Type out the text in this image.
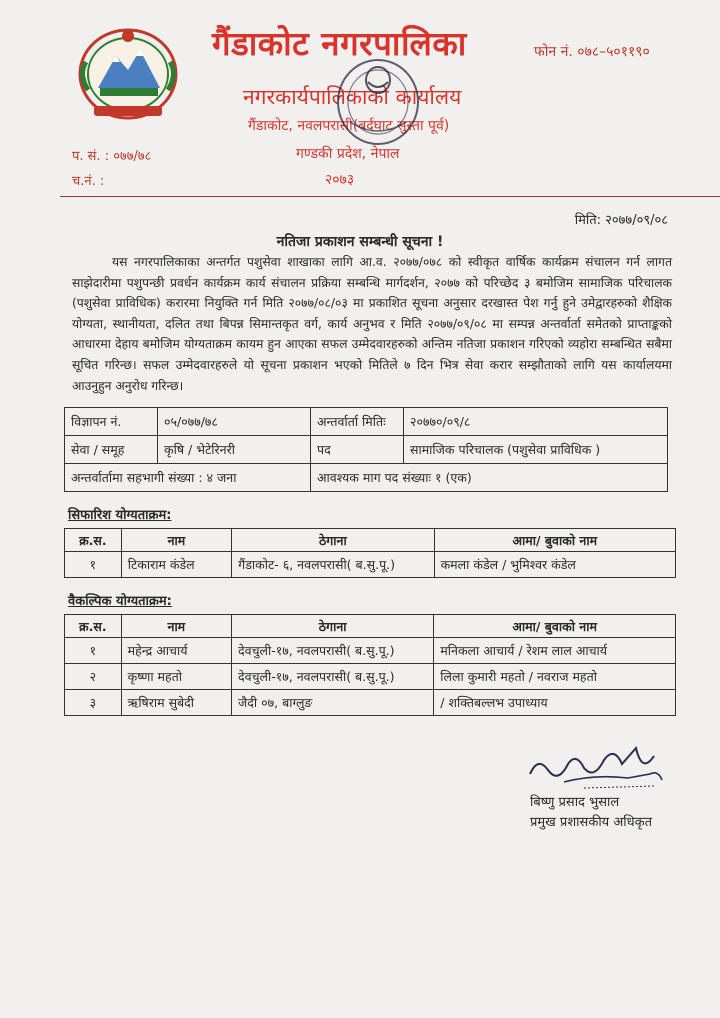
गैंडाकोट नगरपालिका	फोन नं. ०७८–५०११९०
नगरकार्यपालिकाको कार्यालय
गैंडाकोट, नवलपरासी(बर्दघाट सुस्ता पूर्व)
गण्डकी प्रदेश, नेपाल
२०७३
प. सं. : ०७७/७८
च.नं. :
मिति: २०७७/०९/०८
नतिजा प्रकाशन सम्बन्धी सूचना !
यस नगरपालिकाका अन्तर्गत पशुसेवा शाखाका लागि आ.व. २०७७/०७८ को स्वीकृत वार्षिक कार्यक्रम संचालन गर्न लागत साझेदारीमा पशुपन्छी प्रवर्धन कार्यक्रम कार्य संचालन प्रक्रिया सम्बन्धि मार्गदर्शन, २०७७ को परिच्छेद ३ बमोजिम सामाजिक परिचालक (पशुसेवा प्राविधिक) करारमा नियुक्ति गर्न मिति २०७७/०८/०३ मा प्रकाशित सूचना अनुसार दरखास्त पेश गर्नु हुने उमेद्वारहरुको शैक्षिक योग्यता, स्थानीयता, दलित तथा बिपन्न सिमान्तकृत वर्ग, कार्य अनुभव र मिति २०७७/०९/०८ मा सम्पन्न अन्तर्वार्ता समेतको प्राप्ताङ्कको आधारमा देहाय बमोजिम योग्यताक्रम कायम हुन आएका सफल उम्मेदवारहरुको अन्तिम नतिजा प्रकाशन गरिएको व्यहोरा सम्बन्धित सबैमा सूचित गरिन्छ। सफल उम्मेदवारहरुले यो सूचना प्रकाशन भएको मितिले ७ दिन भित्र सेवा करार सम्झौताको लागि यस कार्यालयमा आउनुहुन अनुरोध गरिन्छ।
विज्ञापन नं.	०५/०७७/७८	अन्तर्वार्ता मितिः	२०७७०/०९/८
सेवा / समूह	कृषि / भेटेरिनरी	पद	सामाजिक परिचालक (पशुसेवा प्राविधिक )
अन्तर्वार्तामा सहभागी संख्या : ४ जना		आवश्यक माग पद संख्याः १ (एक)	
सिफारिश योग्यताक्रम:
क्र.स.	नाम	ठेगाना	आमा/ बुवाको नाम
१	टिकाराम कंडेल	गैंडाकोट- ६, नवलपरासी( ब.सु.पू.)	कमला कंडेल / भुमिश्वर कंडेल
वैकल्पिक योग्यताक्रम:
क्र.स.	नाम	ठेगाना	आमा/ बुवाको नाम
१	महेन्द्र आचार्य	देवचुली-१७, नवलपरासी( ब.सु.पू.)	मनिकला आचार्य / रेशम लाल आचार्य
२	कृष्णा महतो	देवचुली-१७, नवलपरासी( ब.सु.पू.)	लिला कुमारी महतो / नवराज महतो
३	ऋषिराम सुबेदी	जैदी ०७, बाग्लुङ	/ शक्तिबल्लभ उपाध्याय
बिष्णु प्रसाद भुसाल
प्रमुख प्रशासकीय अधिकृत
